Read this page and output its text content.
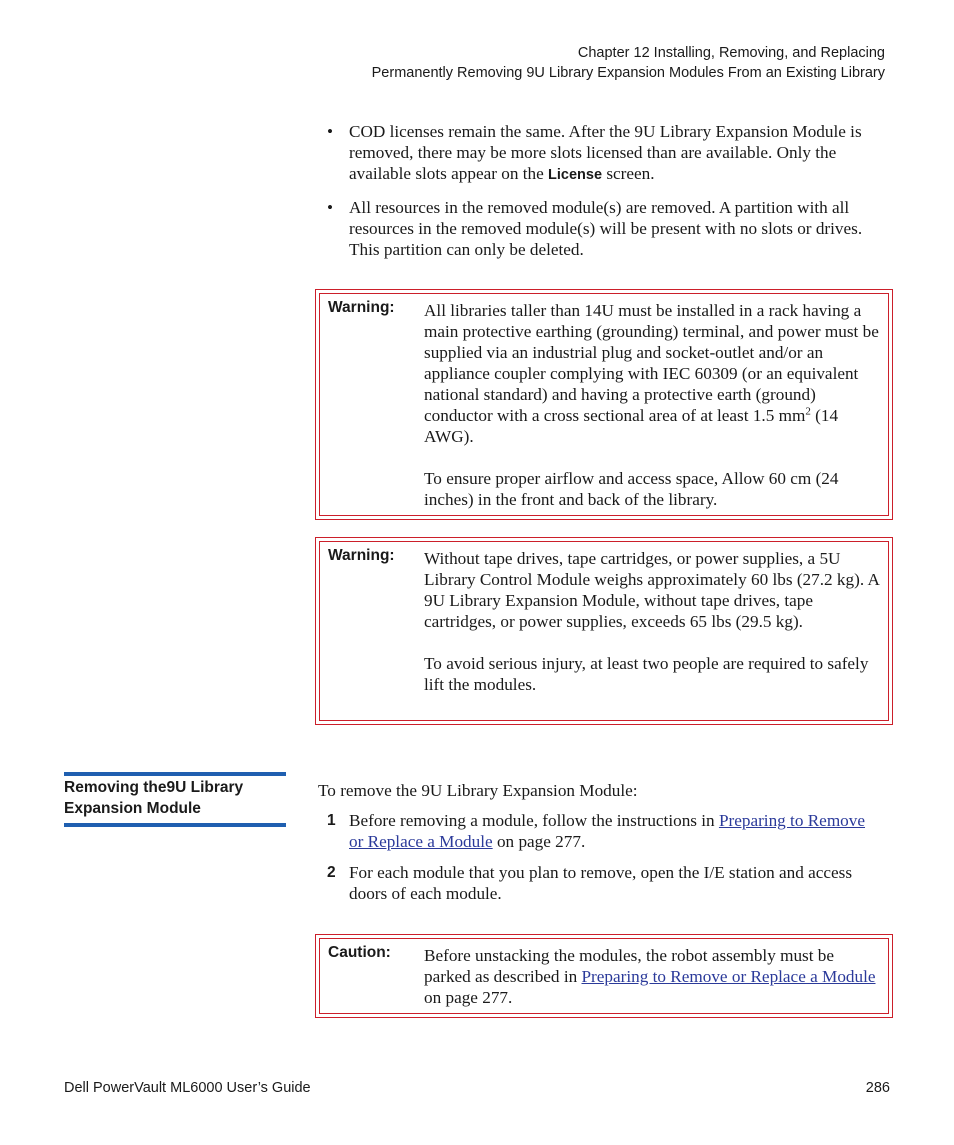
Chapter 12 Installing, Removing, and Replacing
Permanently Removing 9U Library Expansion Modules From an Existing Library
• COD licenses remain the same. After the 9U Library Expansion Module is removed, there may be more slots licensed than are available. Only the available slots appear on the License screen.
• All resources in the removed module(s) are removed. A partition with all resources in the removed module(s) will be present with no slots or drives. This partition can only be deleted.
Warning: All libraries taller than 14U must be installed in a rack having a main protective earthing (grounding) terminal, and power must be supplied via an industrial plug and socket-outlet and/or an appliance coupler complying with IEC 60309 (or an equivalent national standard) and having a protective earth (ground) conductor with a cross sectional area of at least 1.5 $mm^2$ (14 AWG).

To ensure proper airflow and access space, Allow 60 cm (24 inches) in the front and back of the library.

Warning: Without tape drives, tape cartridges, or power supplies, a 5U Library Control Module weighs approximately 60 lbs (27.2 kg). A 9U Library Expansion Module, without tape drives, tape cartridges, or power supplies, exceeds 65 lbs (29.5 kg).

To avoid serious injury, at least two people are required to safely lift the modules.

Removing the9U Library Expansion Module
To remove the 9U Library Expansion Module:
1 Before removing a module, follow the instructions in Preparing to Remove or Replace a Module on page 277.
2 For each module that you plan to remove, open the I/E station and access doors of each module.
Caution: Before unstacking the modules, the robot assembly must be parked as described in Preparing to Remove or Replace a Module on page 277.
Dell PowerVault ML6000 User’s Guide	286
